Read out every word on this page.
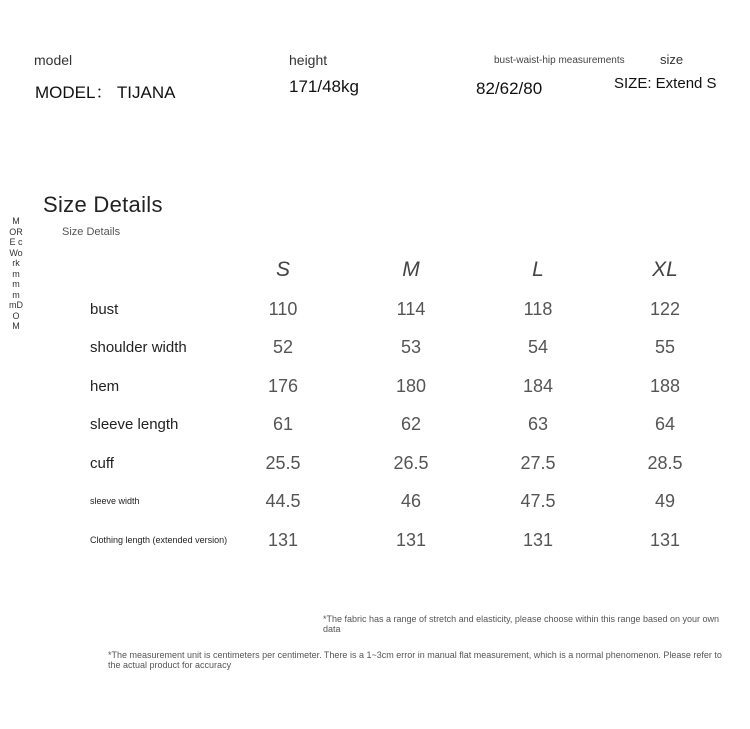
model	height	bust-waist-hip measurements	size
MODEL： TIJANA	171/48kg	82/62/80	SIZE: Extend S
MORE cWork m m m mDOM
Size Details
Size Details
	S	M	L	XL
bust	110	114	118	122
shoulder width	52	53	54	55
hem	176	180	184	188
sleeve length	61	62	63	64
cuff	25.5	26.5	27.5	28.5
sleeve width	44.5	46	47.5	49
Clothing length (extended version)	131	131	131	131
*The fabric has a range of stretch and elasticity, please choose within this range based on your own data
*The measurement unit is centimeters per centimeter. There is a 1~3cm error in manual flat measurement, which is a normal phenomenon. Please refer to the actual product for accuracy
